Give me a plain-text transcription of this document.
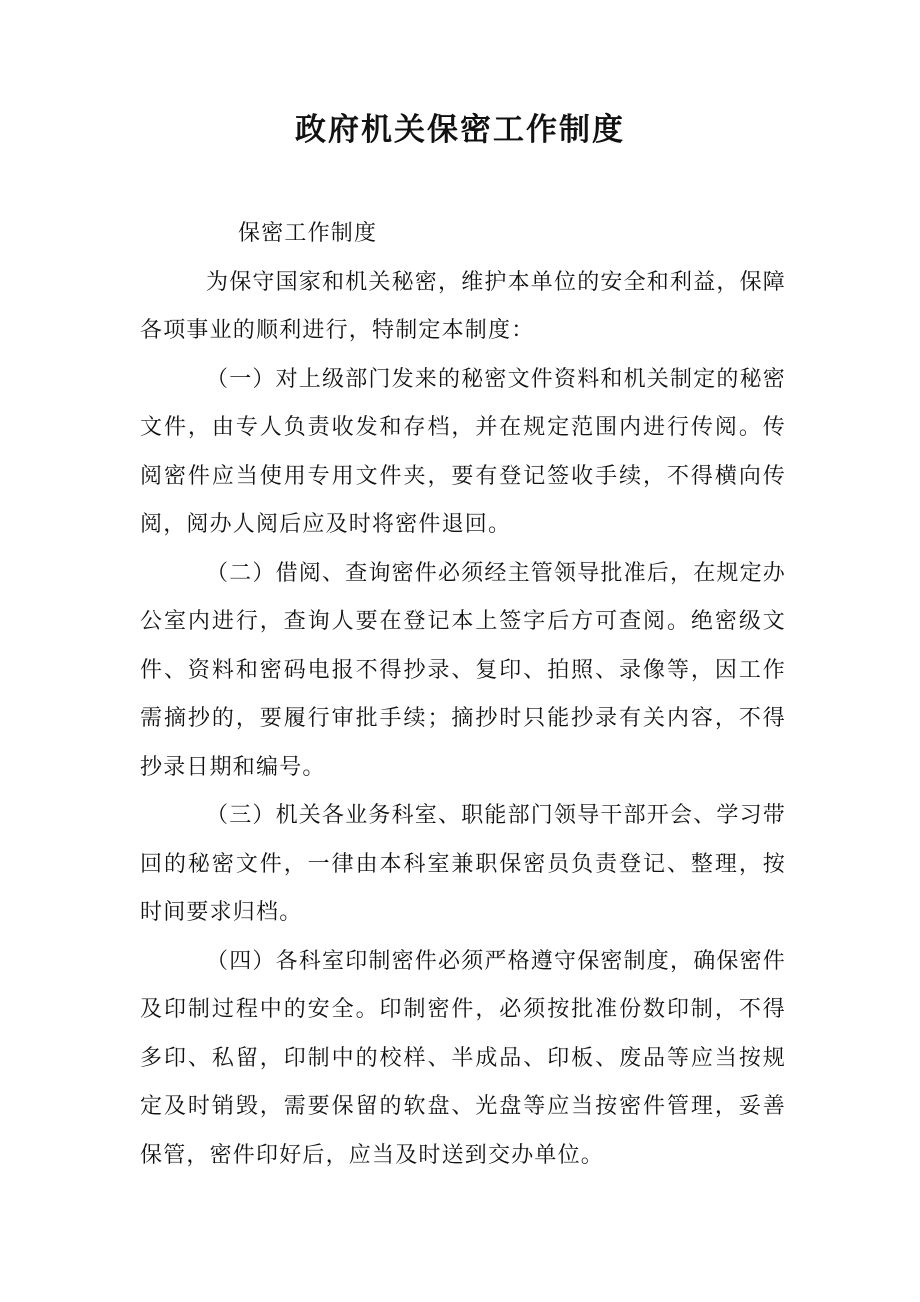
政府机关保密工作制度

保密工作制度

为保守国家和机关秘密，维护本单位的安全和利益，保障各项事业的顺利进行，特制定本制度：

（一）对上级部门发来的秘密文件资料和机关制定的秘密文件，由专人负责收发和存档，并在规定范围内进行传阅。传阅密件应当使用专用文件夹，要有登记签收手续，不得横向传阅，阅办人阅后应及时将密件退回。

（二）借阅、查询密件必须经主管领导批准后，在规定办公室内进行，查询人要在登记本上签字后方可查阅。绝密级文件、资料和密码电报不得抄录、复印、拍照、录像等，因工作需摘抄的，要履行审批手续；摘抄时只能抄录有关内容，不得抄录日期和编号。

（三）机关各业务科室、职能部门领导干部开会、学习带回的秘密文件，一律由本科室兼职保密员负责登记、整理，按时间要求归档。

（四）各科室印制密件必须严格遵守保密制度，确保密件及印制过程中的安全。印制密件，必须按批准份数印制，不得多印、私留，印制中的校样、半成品、印板、废品等应当按规定及时销毁，需要保留的软盘、光盘等应当按密件管理，妥善保管，密件印好后，应当及时送到交办单位。
